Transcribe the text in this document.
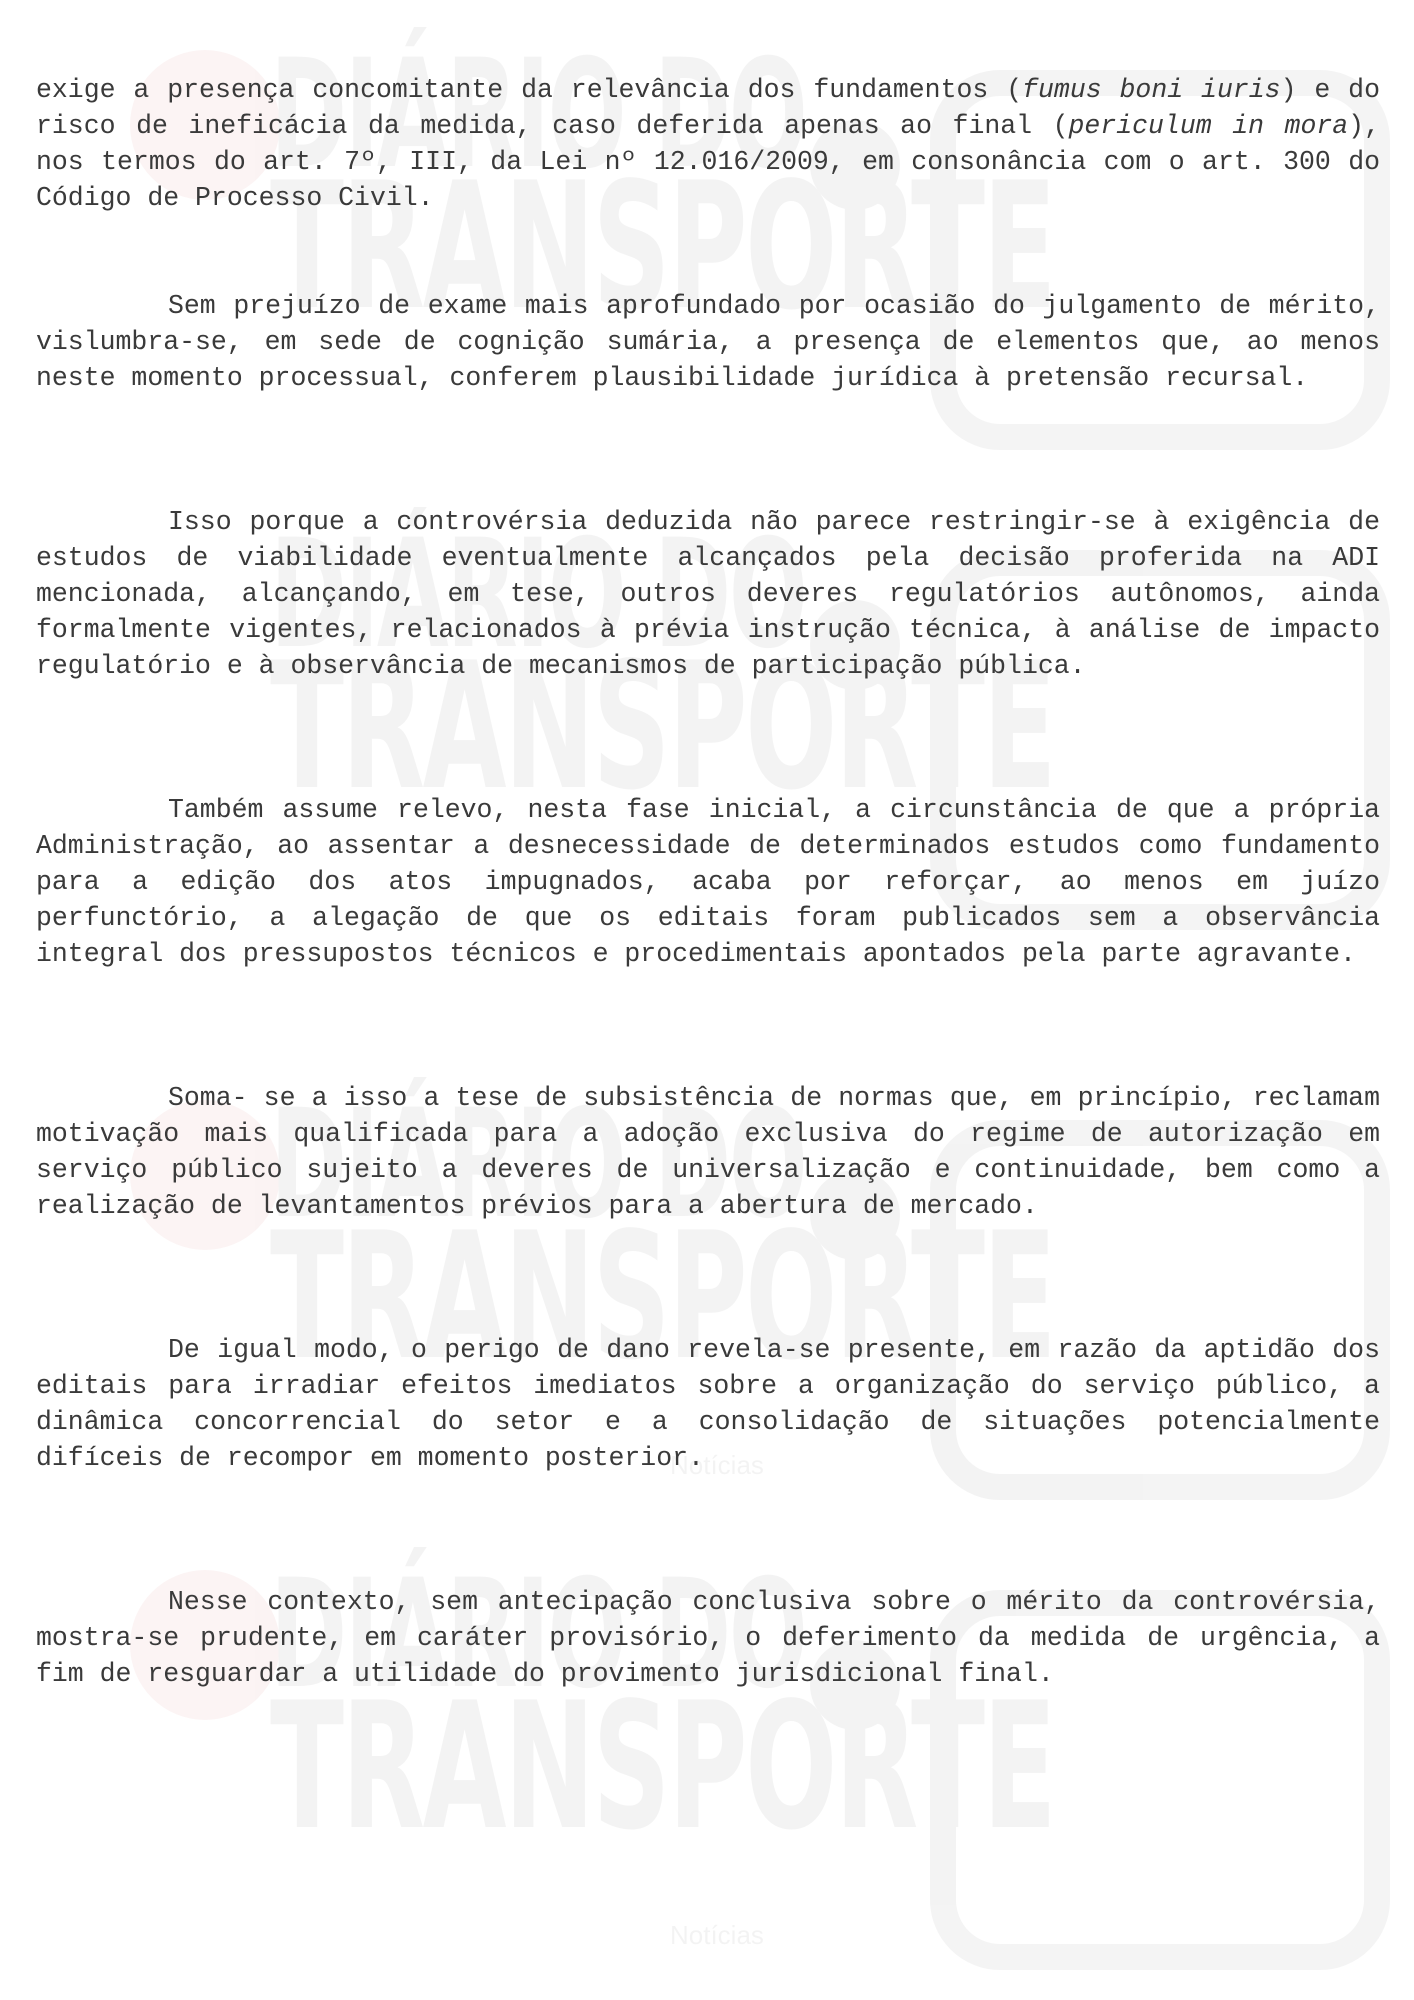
exige a presença concomitante da relevância dos fundamentos (fumus boni iuris) e do risco de ineficácia da medida, caso deferida apenas ao final (periculum in mora), nos termos do art. 7º, III, da Lei nº 12.016/2009, em consonância com o art. 300 do Código de Processo Civil.

Sem prejuízo de exame mais aprofundado por ocasião do julgamento de mérito, vislumbra-se, em sede de cognição sumária, a presença de elementos que, ao menos neste momento processual, conferem plausibilidade jurídica à pretensão recursal.

Isso porque a controvérsia deduzida não parece restringir-se à exigência de estudos de viabilidade eventualmente alcançados pela decisão proferida na ADI mencionada, alcançando, em tese, outros deveres regulatórios autônomos, ainda formalmente vigentes, relacionados à prévia instrução técnica, à análise de impacto regulatório e à observância de mecanismos de participação pública.

Também assume relevo, nesta fase inicial, a circunstância de que a própria Administração, ao assentar a desnecessidade de determinados estudos como fundamento para a edição dos atos impugnados, acaba por reforçar, ao menos em juízo perfunctório, a alegação de que os editais foram publicados sem a observância integral dos pressupostos técnicos e procedimentais apontados pela parte agravante.

Soma- se a isso a tese de subsistência de normas que, em princípio, reclamam motivação mais qualificada para a adoção exclusiva do regime de autorização em serviço público sujeito a deveres de universalização e continuidade, bem como a realização de levantamentos prévios para a abertura de mercado.

De igual modo, o perigo de dano revela-se presente, em razão da aptidão dos editais para irradiar efeitos imediatos sobre a organização do serviço público, a dinâmica concorrencial do setor e a consolidação de situações potencialmente difíceis de recompor em momento posterior.

Nesse contexto, sem antecipação conclusiva sobre o mérito da controvérsia, mostra-se prudente, em caráter provisório, o deferimento da medida de urgência, a fim de resguardar a utilidade do provimento jurisdicional final.
